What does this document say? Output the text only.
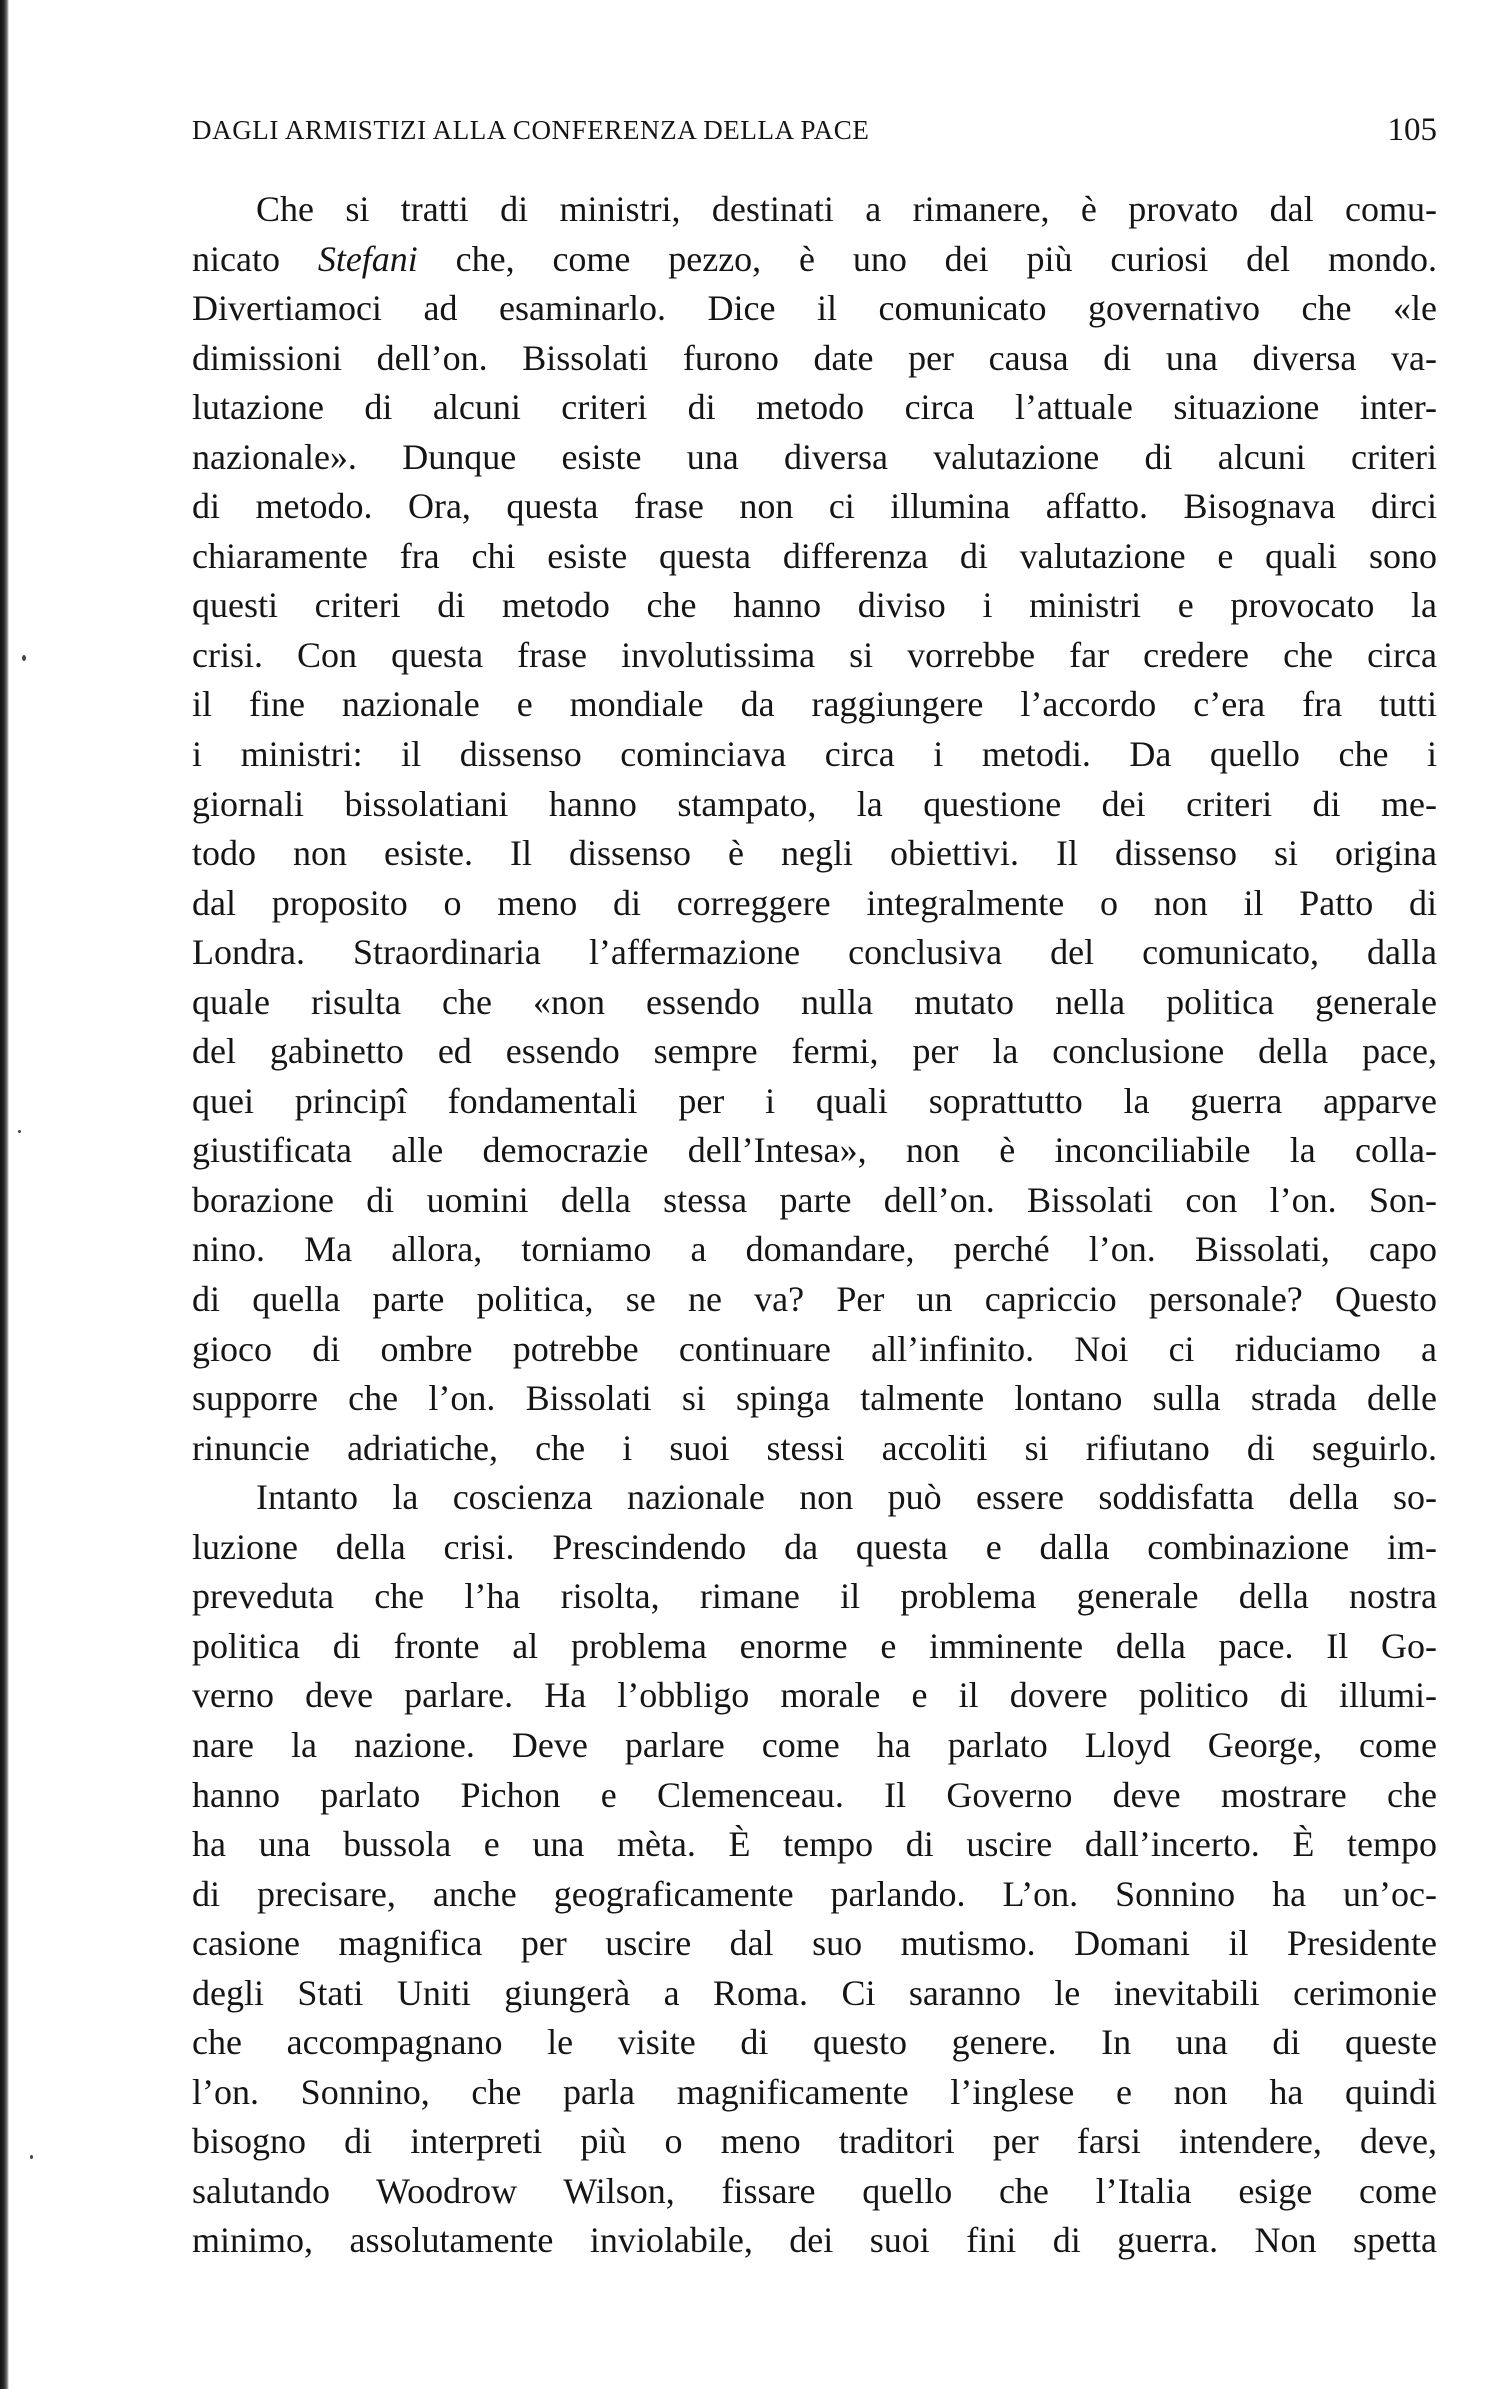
DAGLI ARMISTIZI ALLA CONFERENZA DELLA PACE	105
Che si tratti di ministri, destinati a rimanere, è provato dal comu-
nicato Stefani che, come pezzo, è uno dei più curiosi del mondo.
Divertiamoci ad esaminarlo. Dice il comunicato governativo che «le
dimissioni dell’on. Bissolati furono date per causa di una diversa va-
lutazione di alcuni criteri di metodo circa l’attuale situazione inter-
nazionale». Dunque esiste una diversa valutazione di alcuni criteri
di metodo. Ora, questa frase non ci illumina affatto. Bisognava dirci
chiaramente fra chi esiste questa differenza di valutazione e quali sono
questi criteri di metodo che hanno diviso i ministri e provocato la
crisi. Con questa frase involutissima si vorrebbe far credere che circa
il fine nazionale e mondiale da raggiungere l’accordo c’era fra tutti
i ministri: il dissenso cominciava circa i metodi. Da quello che i
giornali bissolatiani hanno stampato, la questione dei criteri di me-
todo non esiste. Il dissenso è negli obiettivi. Il dissenso si origina
dal proposito o meno di correggere integralmente o non il Patto di
Londra. Straordinaria l’affermazione conclusiva del comunicato, dalla
quale risulta che «non essendo nulla mutato nella politica generale
del gabinetto ed essendo sempre fermi, per la conclusione della pace,
quei principî fondamentali per i quali soprattutto la guerra apparve
giustificata alle democrazie dell’Intesa», non è inconciliabile la colla-
borazione di uomini della stessa parte dell’on. Bissolati con l’on. Son-
nino. Ma allora, torniamo a domandare, perché l’on. Bissolati, capo
di quella parte politica, se ne va? Per un capriccio personale? Questo
gioco di ombre potrebbe continuare all’infinito. Noi ci riduciamo a
supporre che l’on. Bissolati si spinga talmente lontano sulla strada delle
rinuncie adriatiche, che i suoi stessi accoliti si rifiutano di seguirlo.
Intanto la coscienza nazionale non può essere soddisfatta della so-
luzione della crisi. Prescindendo da questa e dalla combinazione im-
preveduta che l’ha risolta, rimane il problema generale della nostra
politica di fronte al problema enorme e imminente della pace. Il Go-
verno deve parlare. Ha l’obbligo morale e il dovere politico di illumi-
nare la nazione. Deve parlare come ha parlato Lloyd George, come
hanno parlato Pichon e Clemenceau. Il Governo deve mostrare che
ha una bussola e una mèta. È tempo di uscire dall’incerto. È tempo
di precisare, anche geograficamente parlando. L’on. Sonnino ha un’oc-
casione magnifica per uscire dal suo mutismo. Domani il Presidente
degli Stati Uniti giungerà a Roma. Ci saranno le inevitabili cerimonie
che accompagnano le visite di questo genere. In una di queste
l’on. Sonnino, che parla magnificamente l’inglese e non ha quindi
bisogno di interpreti più o meno traditori per farsi intendere, deve,
salutando Woodrow Wilson, fissare quello che l’Italia esige come
minimo, assolutamente inviolabile, dei suoi fini di guerra. Non spetta
